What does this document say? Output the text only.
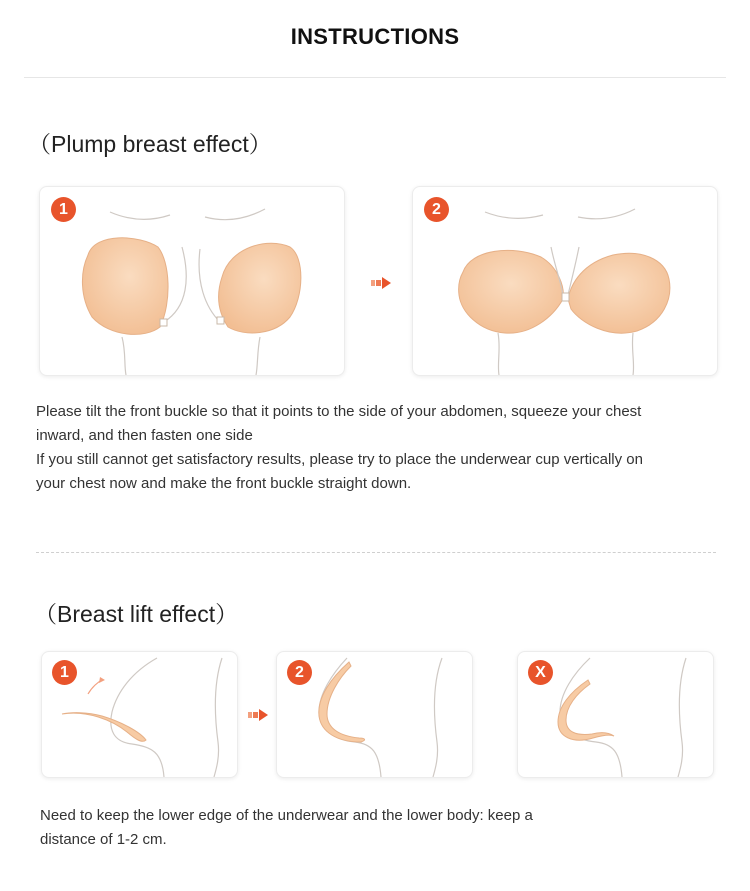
INSTRUCTIONS
（Plump breast effect）
1	2
Please tilt the front buckle so that it points to the side of your abdomen, squeeze your chest
inward, and then fasten one side
If you still cannot get satisfactory results, please try to place the underwear cup vertically on
your chest now and make the front buckle straight down.
（Breast lift effect）
1	2	X
Need to keep the lower edge of the underwear and the lower body: keep a
distance of 1-2 cm.
